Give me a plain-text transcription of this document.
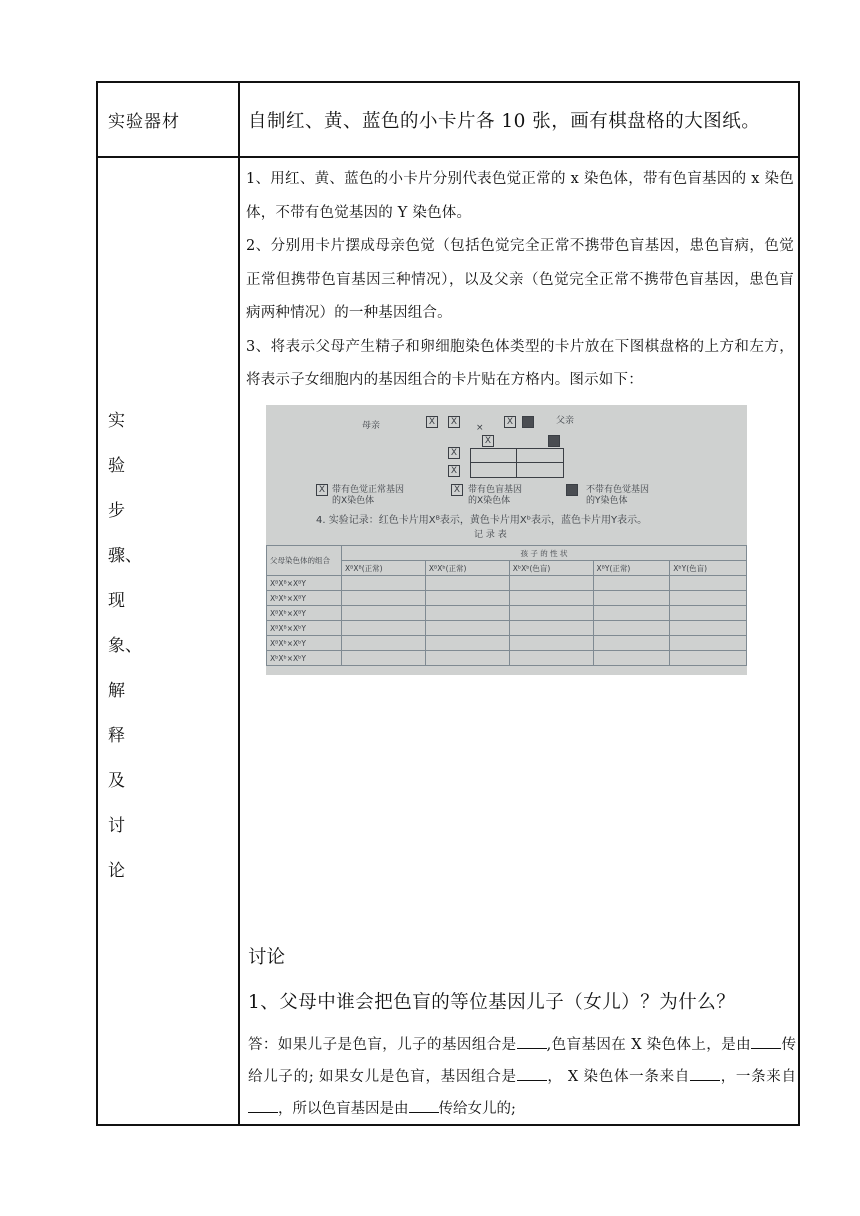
实验器材	自制红、黄、蓝色的小卡片各 10 张，画有棋盘格的大图纸。
实
验
步
骤、
现
象、
解
释
及
讨
论

1、用红、黄、蓝色的小卡片分别代表色觉正常的 x 染色体，带有色盲基因的 x 染色体，不带有色觉基因的 Y 染色体。

2、分别用卡片摆成母亲色觉（包括色觉完全正常不携带色盲基因，患色盲病，色觉正常但携带色盲基因三种情况），以及父亲（色觉完全正常不携带色盲基因，患色盲病两种情况）的一种基因组合。

3、将表示父母产生精子和卵细胞染色体类型的卡片放在下图棋盘格的上方和左方，将表示子女细胞内的基因组合的卡片贴在方格内。图示如下：

母亲	X	X	X	父亲
×
X
X
X
X 带有色觉正常基因
的X染色体
X 带有色盲基因
的X染色体
不带有色觉基因
的Y染色体
4. 实验记录：红色卡片用Xᴮ表示，黄色卡片用Xᵇ表示，蓝色卡片用Y表示。
记 录 表
父母染色体的组合	孩 子 的 性 状				
	XᴮXᴮ(正常)	XᴮXᵇ(正常)	XᵇXᵇ(色盲)	XᴮY(正常)	XᵇY(色盲)
XᴮXᴮ×XᴮY					
XᵇXᵇ×XᴮY					
XᴮXᵇ×XᴮY					
XᴮXᴮ×XᵇY					
XᴮXᵇ×XᵇY					
XᵇXᵇ×XᵇY					
讨论
1、父母中谁会把色盲的等位基因儿子（女儿）？为什么？
答：如果儿子是色盲，儿子的基因组合是 ,色盲基因在 X 染色体上，是由 传给儿子的; 如果女儿是色盲，基因组合是 ， X 染色体一条来自 ，一条来自，所以色盲基因是由 传给女儿的;
